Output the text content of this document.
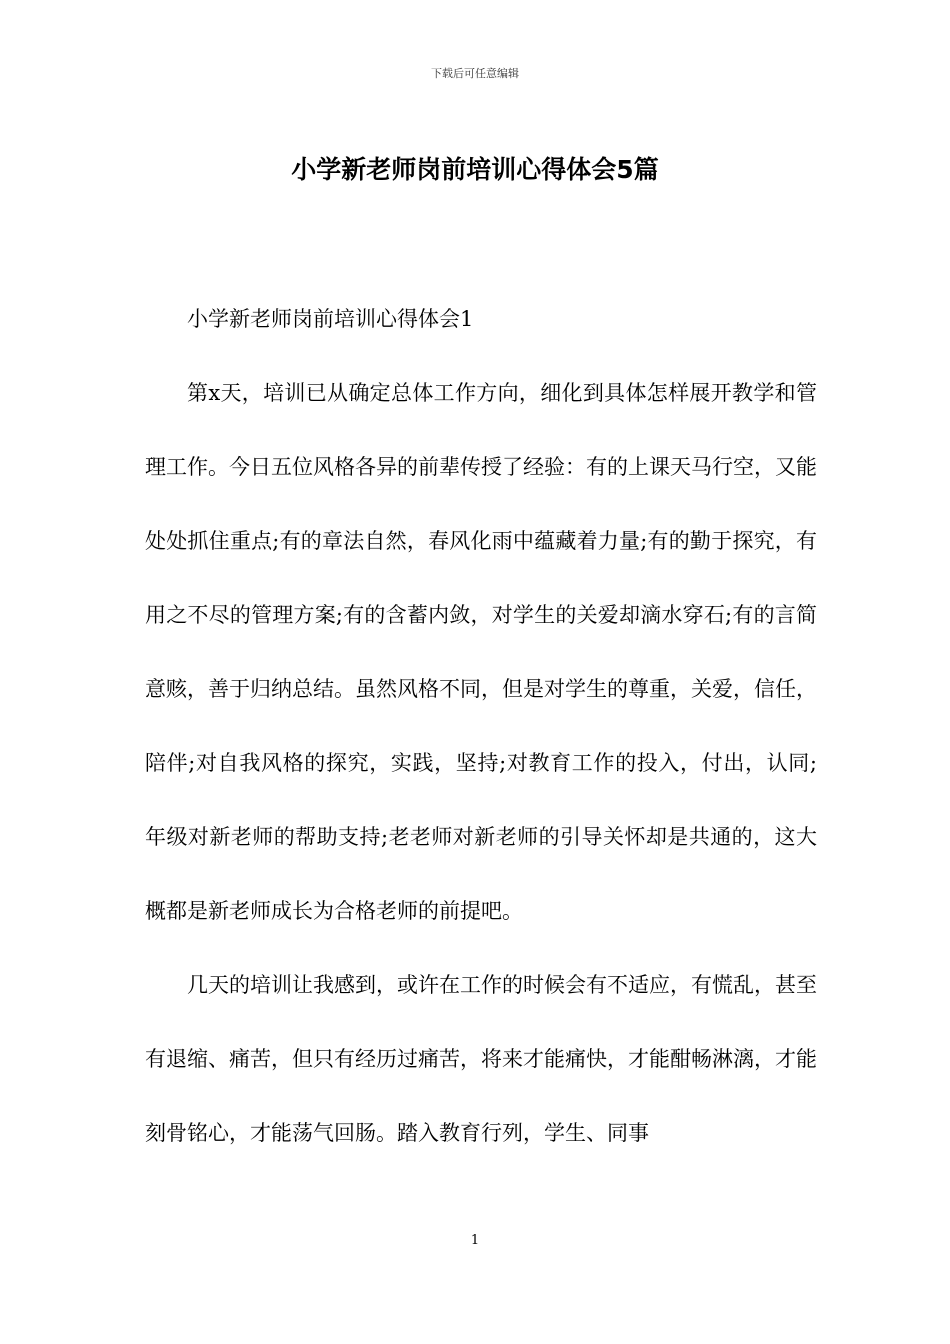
下载后可任意编辑
小学新老师岗前培训心得体会5篇

小学新老师岗前培训心得体会1

第x天，培训已从确定总体工作方向，细化到具体怎样展开教学和管理工作。今日五位风格各异的前辈传授了经验：有的上课天马行空，又能处处抓住重点;有的章法自然，春风化雨中蕴藏着力量;有的勤于探究，有用之不尽的管理方案;有的含蓄内敛，对学生的关爱却滴水穿石;有的言简意赅，善于归纳总结。虽然风格不同，但是对学生的尊重，关爱，信任，陪伴;对自我风格的探究，实践，坚持;对教育工作的投入，付出，认同;年级对新老师的帮助支持;老老师对新老师的引导关怀却是共通的，这大概都是新老师成长为合格老师的前提吧。

几天的培训让我感到，或许在工作的时候会有不适应，有慌乱，甚至有退缩、痛苦，但只有经历过痛苦，将来才能痛快，才能酣畅淋漓，才能刻骨铭心，才能荡气回肠。踏入教育行列，学生、同事

1
